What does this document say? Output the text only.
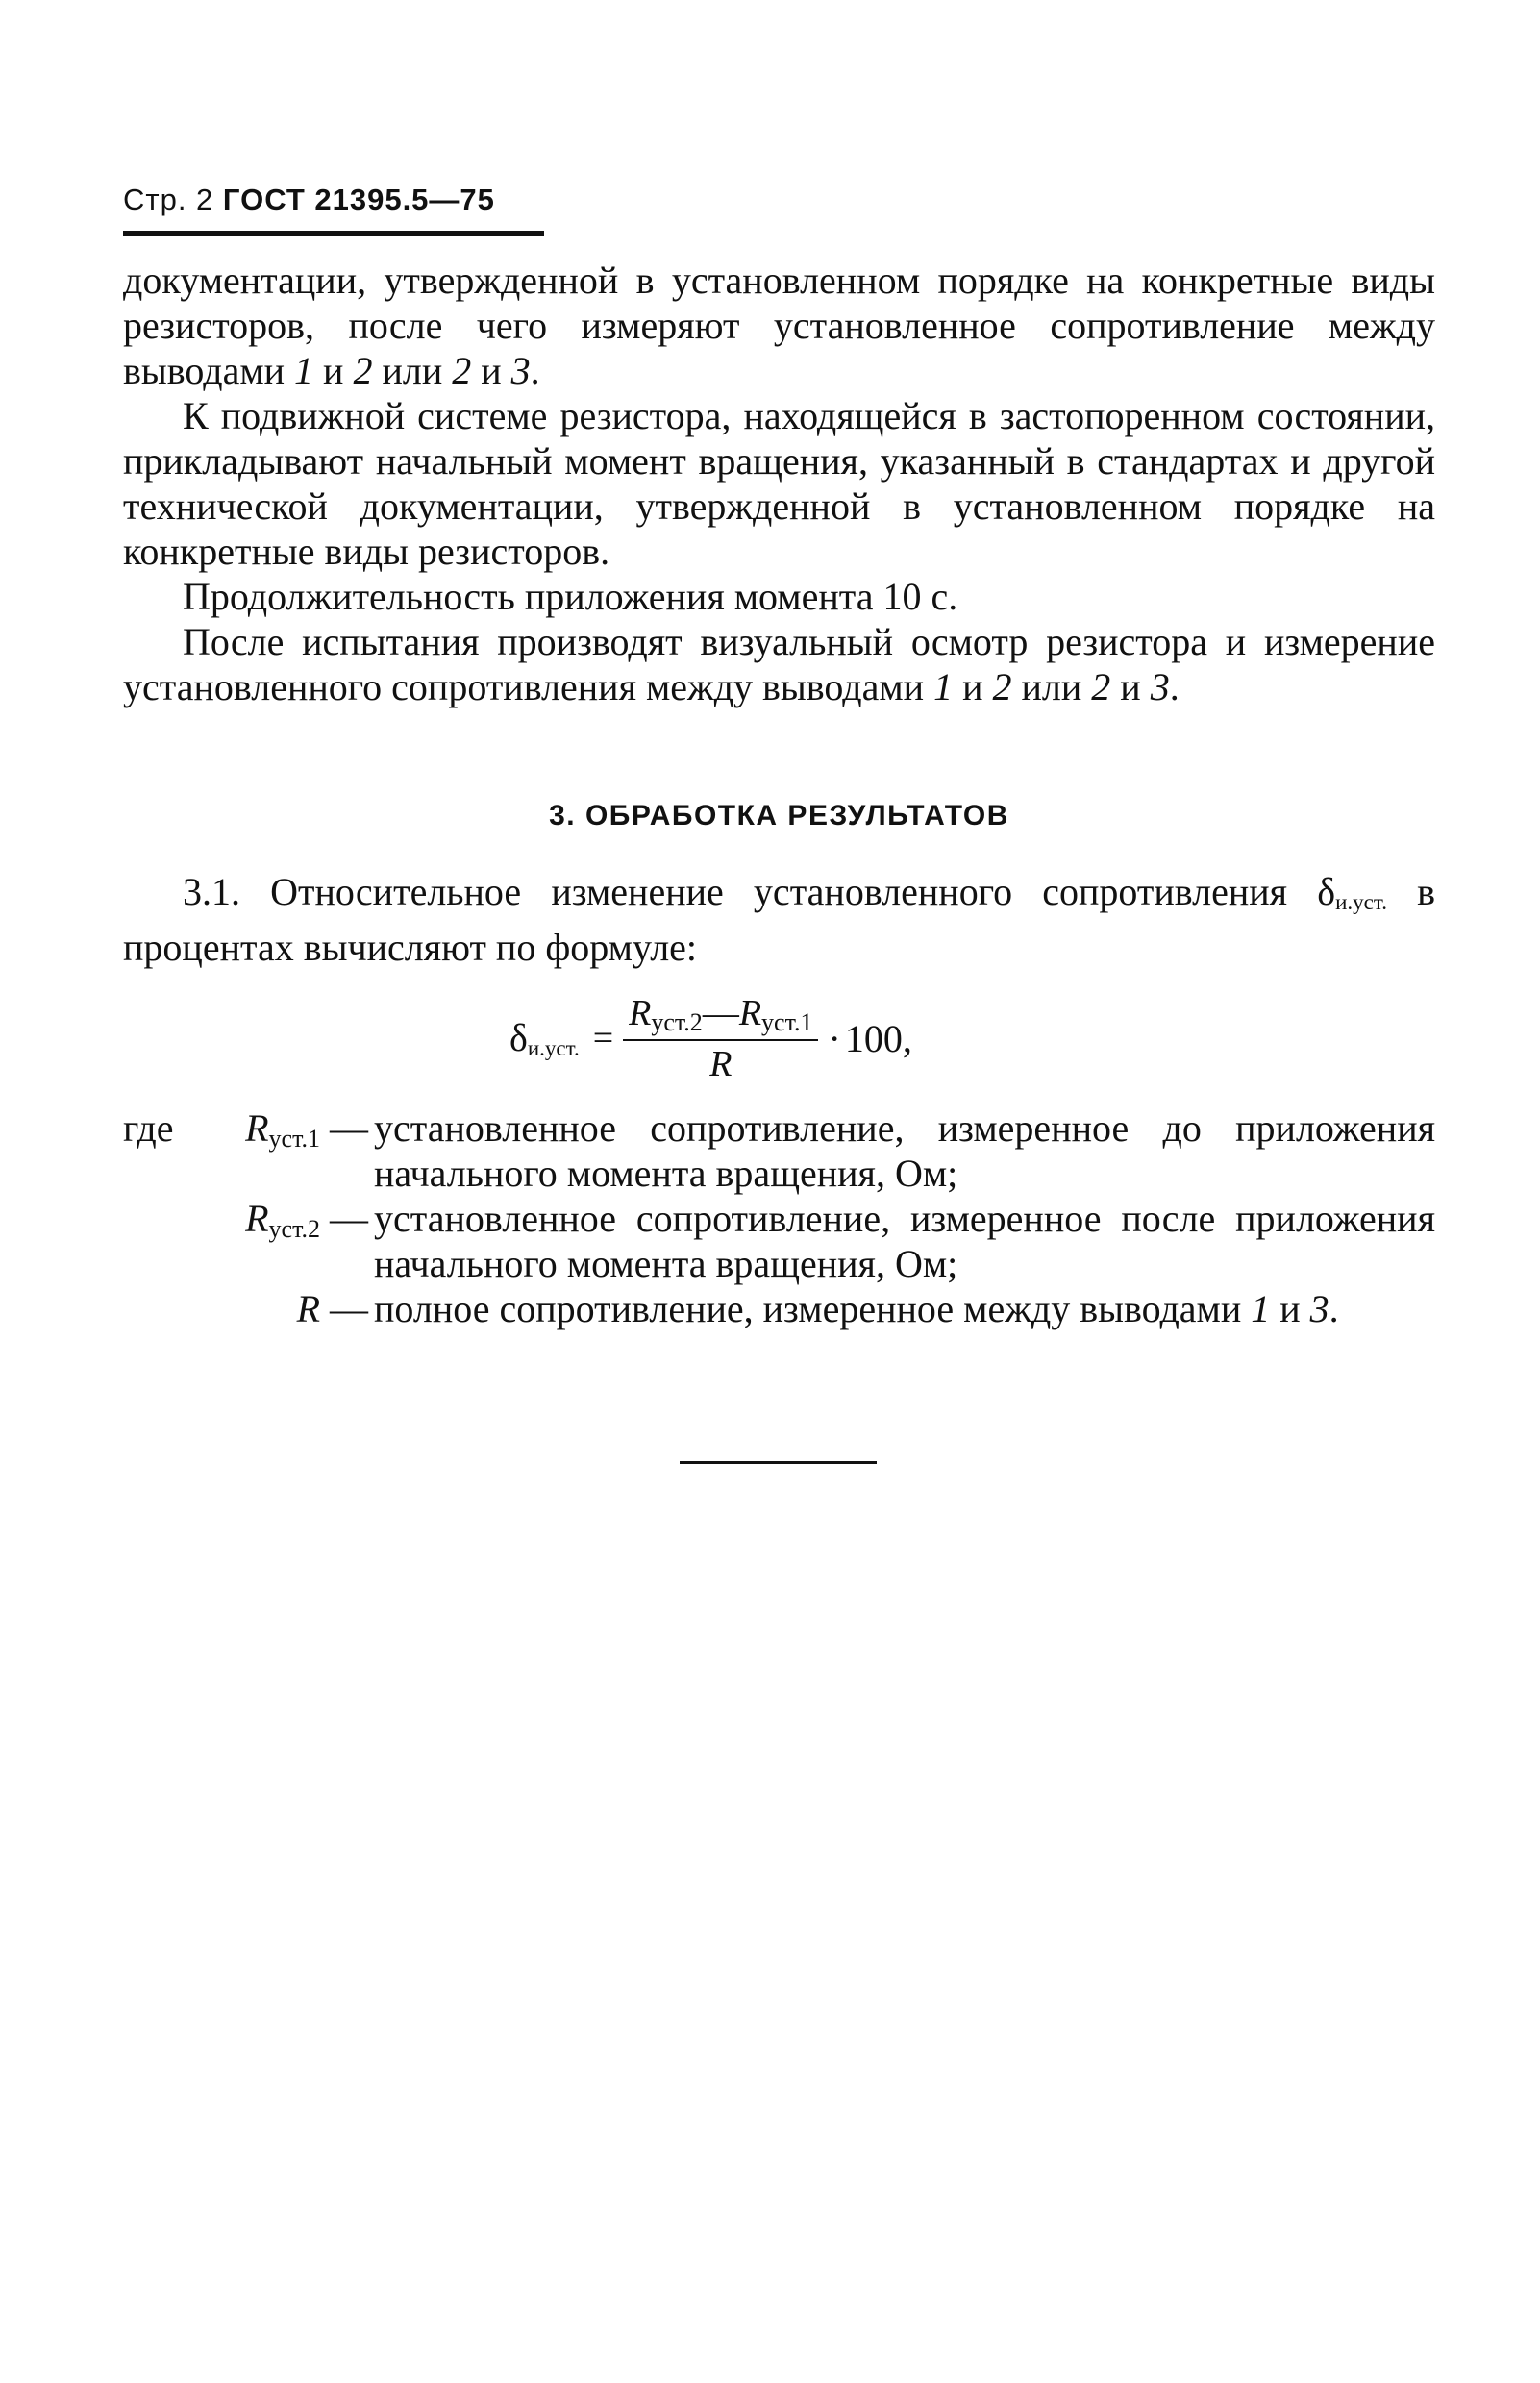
Стр. 2 ГОСТ 21395.5—75

документации, утвержденной в установленном порядке на конкретные виды резисторов, после чего измеряют установленное сопротивление между выводами 1 и 2 или 2 и 3.

К подвижной системе резистора, находящейся в застопоренном состоянии, прикладывают начальный момент вращения, указанный в стандартах и другой технической документации, утвержденной в установленном порядке на конкретные виды резисторов.

Продолжительность приложения момента 10 с.

После испытания производят визуальный осмотр резистора и измерение установленного сопротивления между выводами 1 и 2 или 2 и 3.

3. ОБРАБОТКА РЕЗУЛЬТАТОВ

3.1. Относительное изменение установленного сопротивления δи.уст. в процентах вычисляют по формуле:

δи.уст. = $\frac{R_{уст.2}—R_{уст.1}}{R} \cdot 100$,
где $R_{уст.1}$ — установленное сопротивление, измеренное до приложения начального момента вращения, Ом;
$R_{уст.2}$ — установленное сопротивление, измеренное после приложения начального момента вращения, Ом;
R — полное сопротивление, измеренное между выводами 1 и 3.
